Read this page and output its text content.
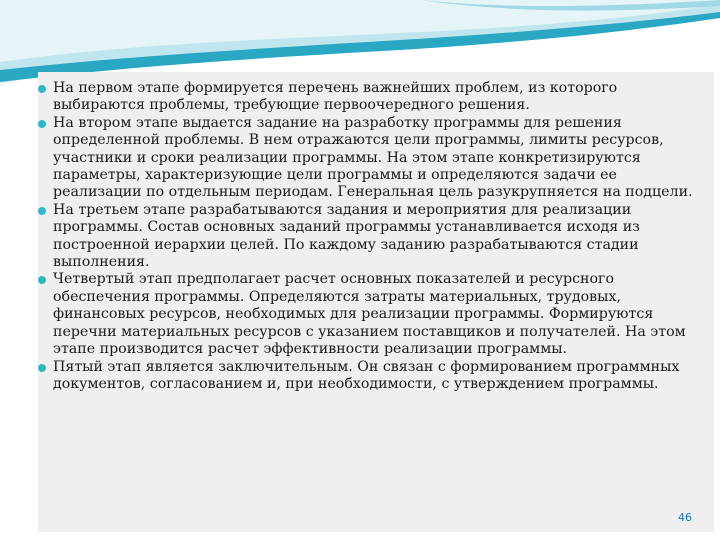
На первом этапе формируется перечень важнейших проблем, из которого выбираются проблемы, требующие первоочередного решения.
На втором этапе выдается задание на разработку программы для решения определенной проблемы. В нем отражаются цели программы, лимиты ресурсов, участники и сроки реализации программы. На этом этапе конкретизируются параметры, характеризующие цели программы и определяются задачи ее реализации по отдельным периодам. Генеральная цель разукрупняется на подцели.
На третьем этапе разрабатываются задания и мероприятия для реализации программы. Состав основных заданий программы устанавливается исходя из построенной иерархии целей. По каждому заданию разрабатываются стадии выполнения.
Четвертый этап предполагает расчет основных показателей и ресурсного обеспечения программы. Определяются затраты материальных, трудовых, финансовых ресурсов, необходимых для реализации программы. Формируются перечни материальных ресурсов с указанием поставщиков и получателей. На этом этапе производится расчет эффективности реализации программы.
Пятый этап является заключительным. Он связан с формированием программных документов, согласованием и, при необходимости, с утверждением программы.
46
